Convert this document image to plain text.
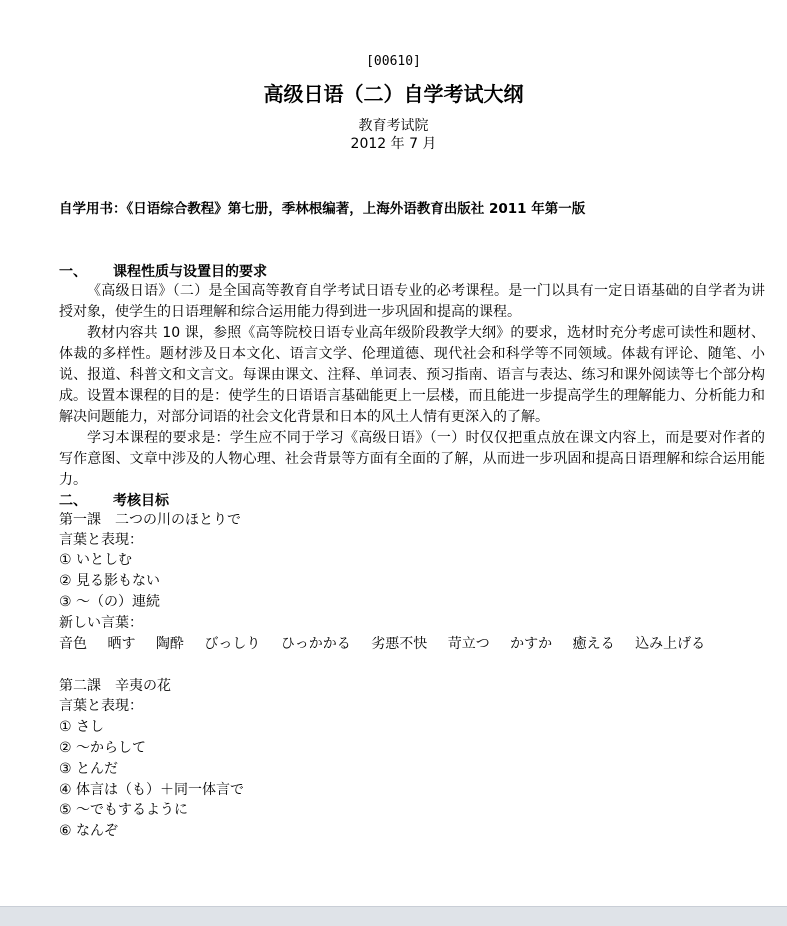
[00610]
高级日语（二）自学考试大纲
教育考试院
2012 年 7 月
自学用书：《日语综合教程》第七册，季林根编著，上海外语教育出版社 2011 年第一版
一、 课程性质与设置目的要求
《高级日语》（二）是全国高等教育自学考试日语专业的必考课程。是一门以具有一定日语基础的自学者为讲授对象，使学生的日语理解和综合运用能力得到进一步巩固和提高的课程。
教材内容共 10 课，参照《高等院校日语专业高年级阶段教学大纲》的要求，选材时充分考虑可读性和题材、体裁的多样性。题材涉及日本文化、语言文学、伦理道德、现代社会和科学等不同领域。体裁有评论、随笔、小说、报道、科普文和文言文。每课由课文、注释、单词表、预习指南、语言与表达、练习和课外阅读等七个部分构成。 设置本课程的目的是：使学生的日语语言基础能更上一层楼，而且能进一步提高学生的理解能力、分析能力和解决问题能力，对部分词语的社会文化背景和日本的风土人情有更深入的了解。
学习本课程的要求是：学生应不同于学习《高级日语》（一）时仅仅把重点放在课文内容上，而是要对作者的写作意图、文章中涉及的人物心理、社会背景等方面有全面的了解，从而进一步巩固和提高日语理解和综合运用能力。
二、 考核目标
第一課　二つの川のほとりで
言葉と表現：
① いとしむ
② 見る影もない
③ ～（の）連続
新しい言葉：
音色 晒す 陶酔 びっしり ひっかかる 劣悪不快 苛立つ かすか 癒える 込み上げる
第二課　辛夷の花
言葉と表現：
① さし
② ～からして
③ とんだ
④ 体言は（も）＋同一体言で
⑤ ～でもするように
⑥ なんぞ
